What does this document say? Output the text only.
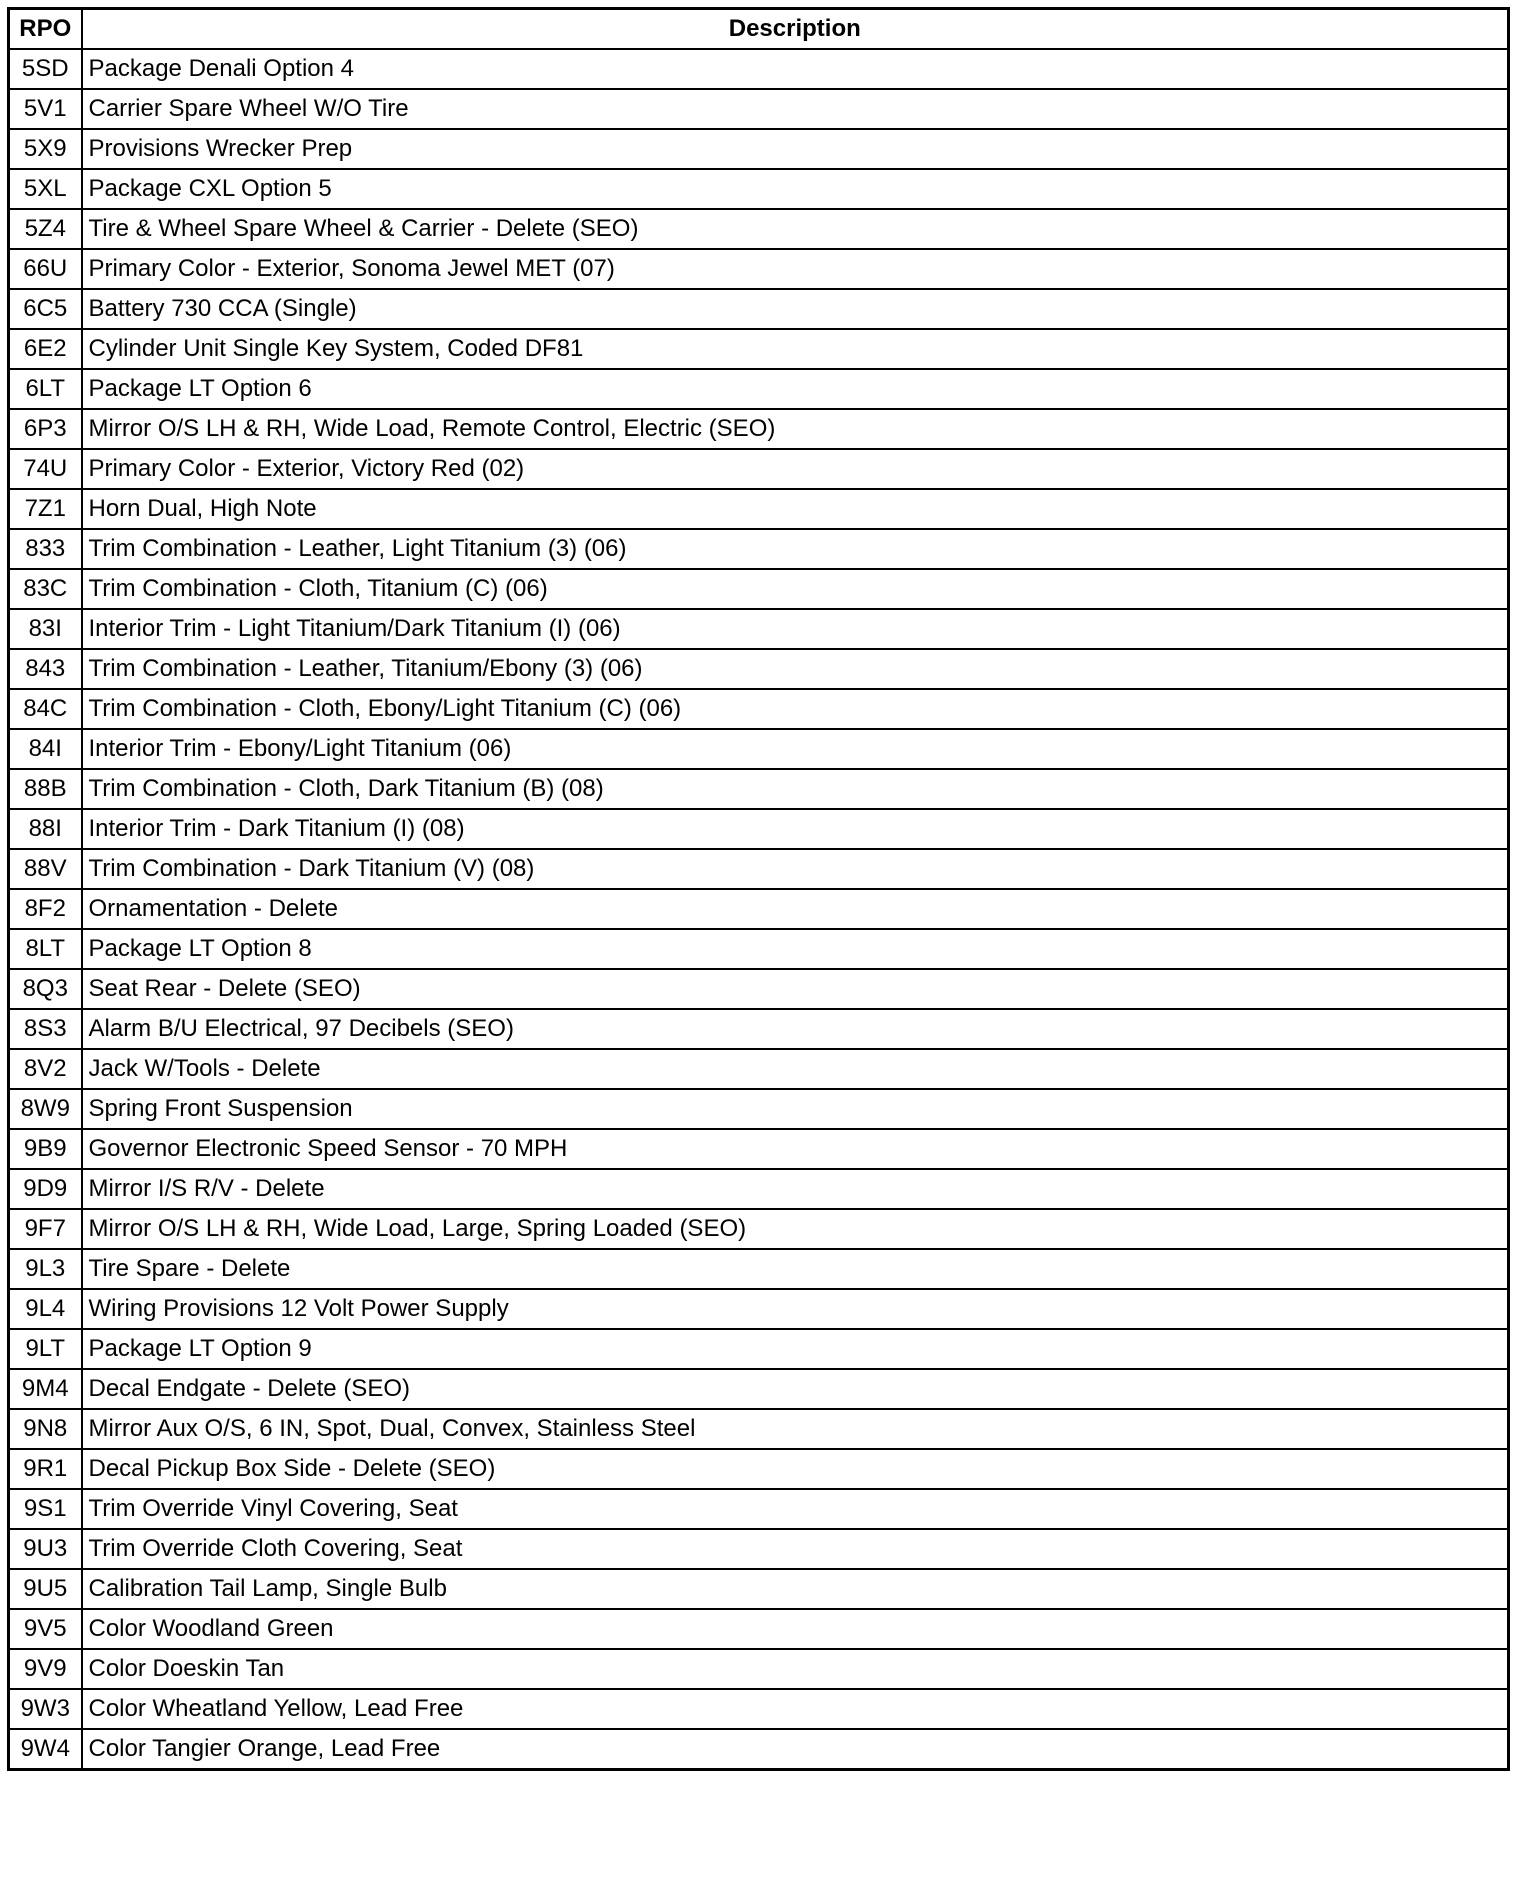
RPO	Description
5SD	Package Denali Option 4
5V1	Carrier Spare Wheel W/O Tire
5X9	Provisions Wrecker Prep
5XL	Package CXL Option 5
5Z4	Tire & Wheel Spare Wheel & Carrier - Delete (SEO)
66U	Primary Color - Exterior, Sonoma Jewel MET (07)
6C5	Battery 730 CCA (Single)
6E2	Cylinder Unit Single Key System, Coded DF81
6LT	Package LT Option 6
6P3	Mirror O/S LH & RH, Wide Load, Remote Control, Electric (SEO)
74U	Primary Color - Exterior, Victory Red (02)
7Z1	Horn Dual, High Note
833	Trim Combination - Leather, Light Titanium (3) (06)
83C	Trim Combination - Cloth, Titanium (C) (06)
83I	Interior Trim - Light Titanium/Dark Titanium (I) (06)
843	Trim Combination - Leather, Titanium/Ebony (3) (06)
84C	Trim Combination - Cloth, Ebony/Light Titanium (C) (06)
84I	Interior Trim - Ebony/Light Titanium (06)
88B	Trim Combination - Cloth, Dark Titanium (B) (08)
88I	Interior Trim - Dark Titanium (I) (08)
88V	Trim Combination - Dark Titanium (V) (08)
8F2	Ornamentation - Delete
8LT	Package LT Option 8
8Q3	Seat Rear - Delete (SEO)
8S3	Alarm B/U Electrical, 97 Decibels (SEO)
8V2	Jack W/Tools - Delete
8W9	Spring Front Suspension
9B9	Governor Electronic Speed Sensor - 70 MPH
9D9	Mirror I/S R/V - Delete
9F7	Mirror O/S LH & RH, Wide Load, Large, Spring Loaded (SEO)
9L3	Tire Spare - Delete
9L4	Wiring Provisions 12 Volt Power Supply
9LT	Package LT Option 9
9M4	Decal Endgate - Delete (SEO)
9N8	Mirror Aux O/S, 6 IN, Spot, Dual, Convex, Stainless Steel
9R1	Decal Pickup Box Side - Delete (SEO)
9S1	Trim Override Vinyl Covering, Seat
9U3	Trim Override Cloth Covering, Seat
9U5	Calibration Tail Lamp, Single Bulb
9V5	Color Woodland Green
9V9	Color Doeskin Tan
9W3	Color Wheatland Yellow, Lead Free
9W4	Color Tangier Orange, Lead Free
